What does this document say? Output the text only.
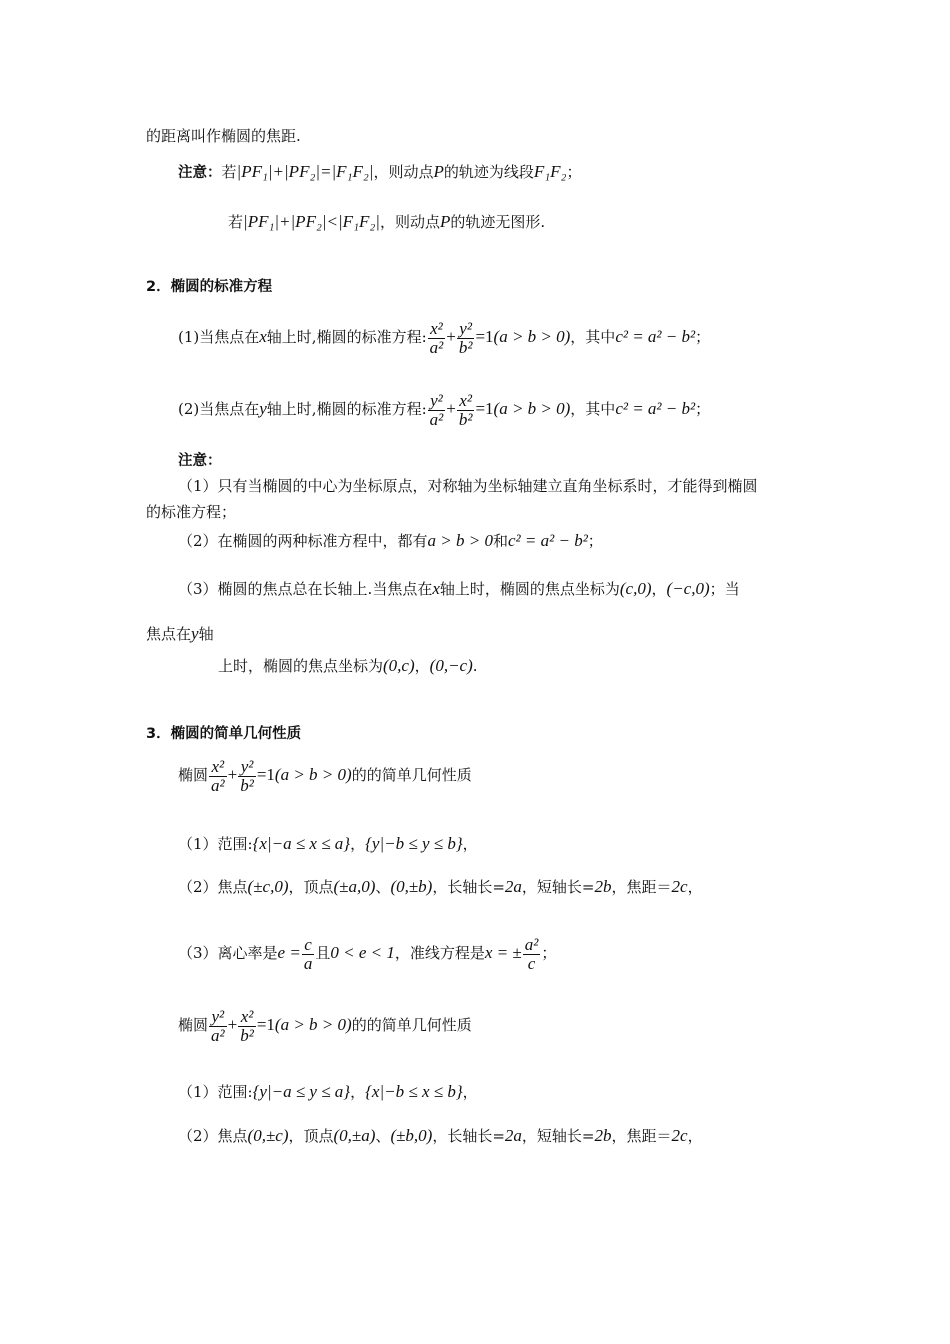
的距离叫作椭圆的焦距.
注意：若|PF₁|+|PF₂|=|F₁F₂|，则动点P的轨迹为线段F₁F₂；
若|PF₁|+|PF₂|<|F₁F₂|，则动点P的轨迹无图形.
2．椭圆的标准方程
(1)当焦点在x轴上时,椭圆的标准方程: $\frac{\text{x²}}{\text{a²}} + \frac{\text{y²}}{\text{b²}} =1(a > b > 0)$，其中c² = a² − b²；
(2)当焦点在y轴上时,椭圆的标准方程: $\frac{\text{y²}}{\text{a²}} + \frac{\text{x²}}{\text{b²}} =1(a > b > 0)$，其中c² = a² − b²；
注意：
（1）只有当椭圆的中心为坐标原点，对称轴为坐标轴建立直角坐标系时，才能得到椭圆
的标准方程；
（2）在椭圆的两种标准方程中，都有a > b > 0和c² = a² − b²；
（3）椭圆的焦点总在长轴上.当焦点在x轴上时，椭圆的焦点坐标为(c,0)，(−c,0)；当
焦点在y轴
上时，椭圆的焦点坐标为(0,c)，(0,−c).
3．椭圆的简单几何性质
椭圆 $\frac{\text{x²}}{\text{a²}} + \frac{\text{y²}}{\text{b²}} =1(a > b > 0)$的的简单几何性质
（1）范围:{x|−a ≤ x ≤ a}，{y|−b ≤ y ≤ b}，
（2）焦点(±c,0)，顶点(±a,0)、(0,±b)，长轴长=2a，短轴长=2b，焦距＝2c，
（3）离心率是$e = \frac{c}{a}$ 且0 < e < 1，准线方程是x = ± $\frac{\text{a²}}{c}$ ；
椭圆 $\frac{\text{y²}}{\text{a²}} + \frac{\text{x²}}{\text{b²}} =1(a > b > 0)$的的简单几何性质
（1）范围:{y|−a ≤ y ≤ a}，{x|−b ≤ x ≤ b}，
（2）焦点(0,±c)，顶点(0,±a)、(±b,0)，长轴长=2a，短轴长=2b，焦距＝2c，
